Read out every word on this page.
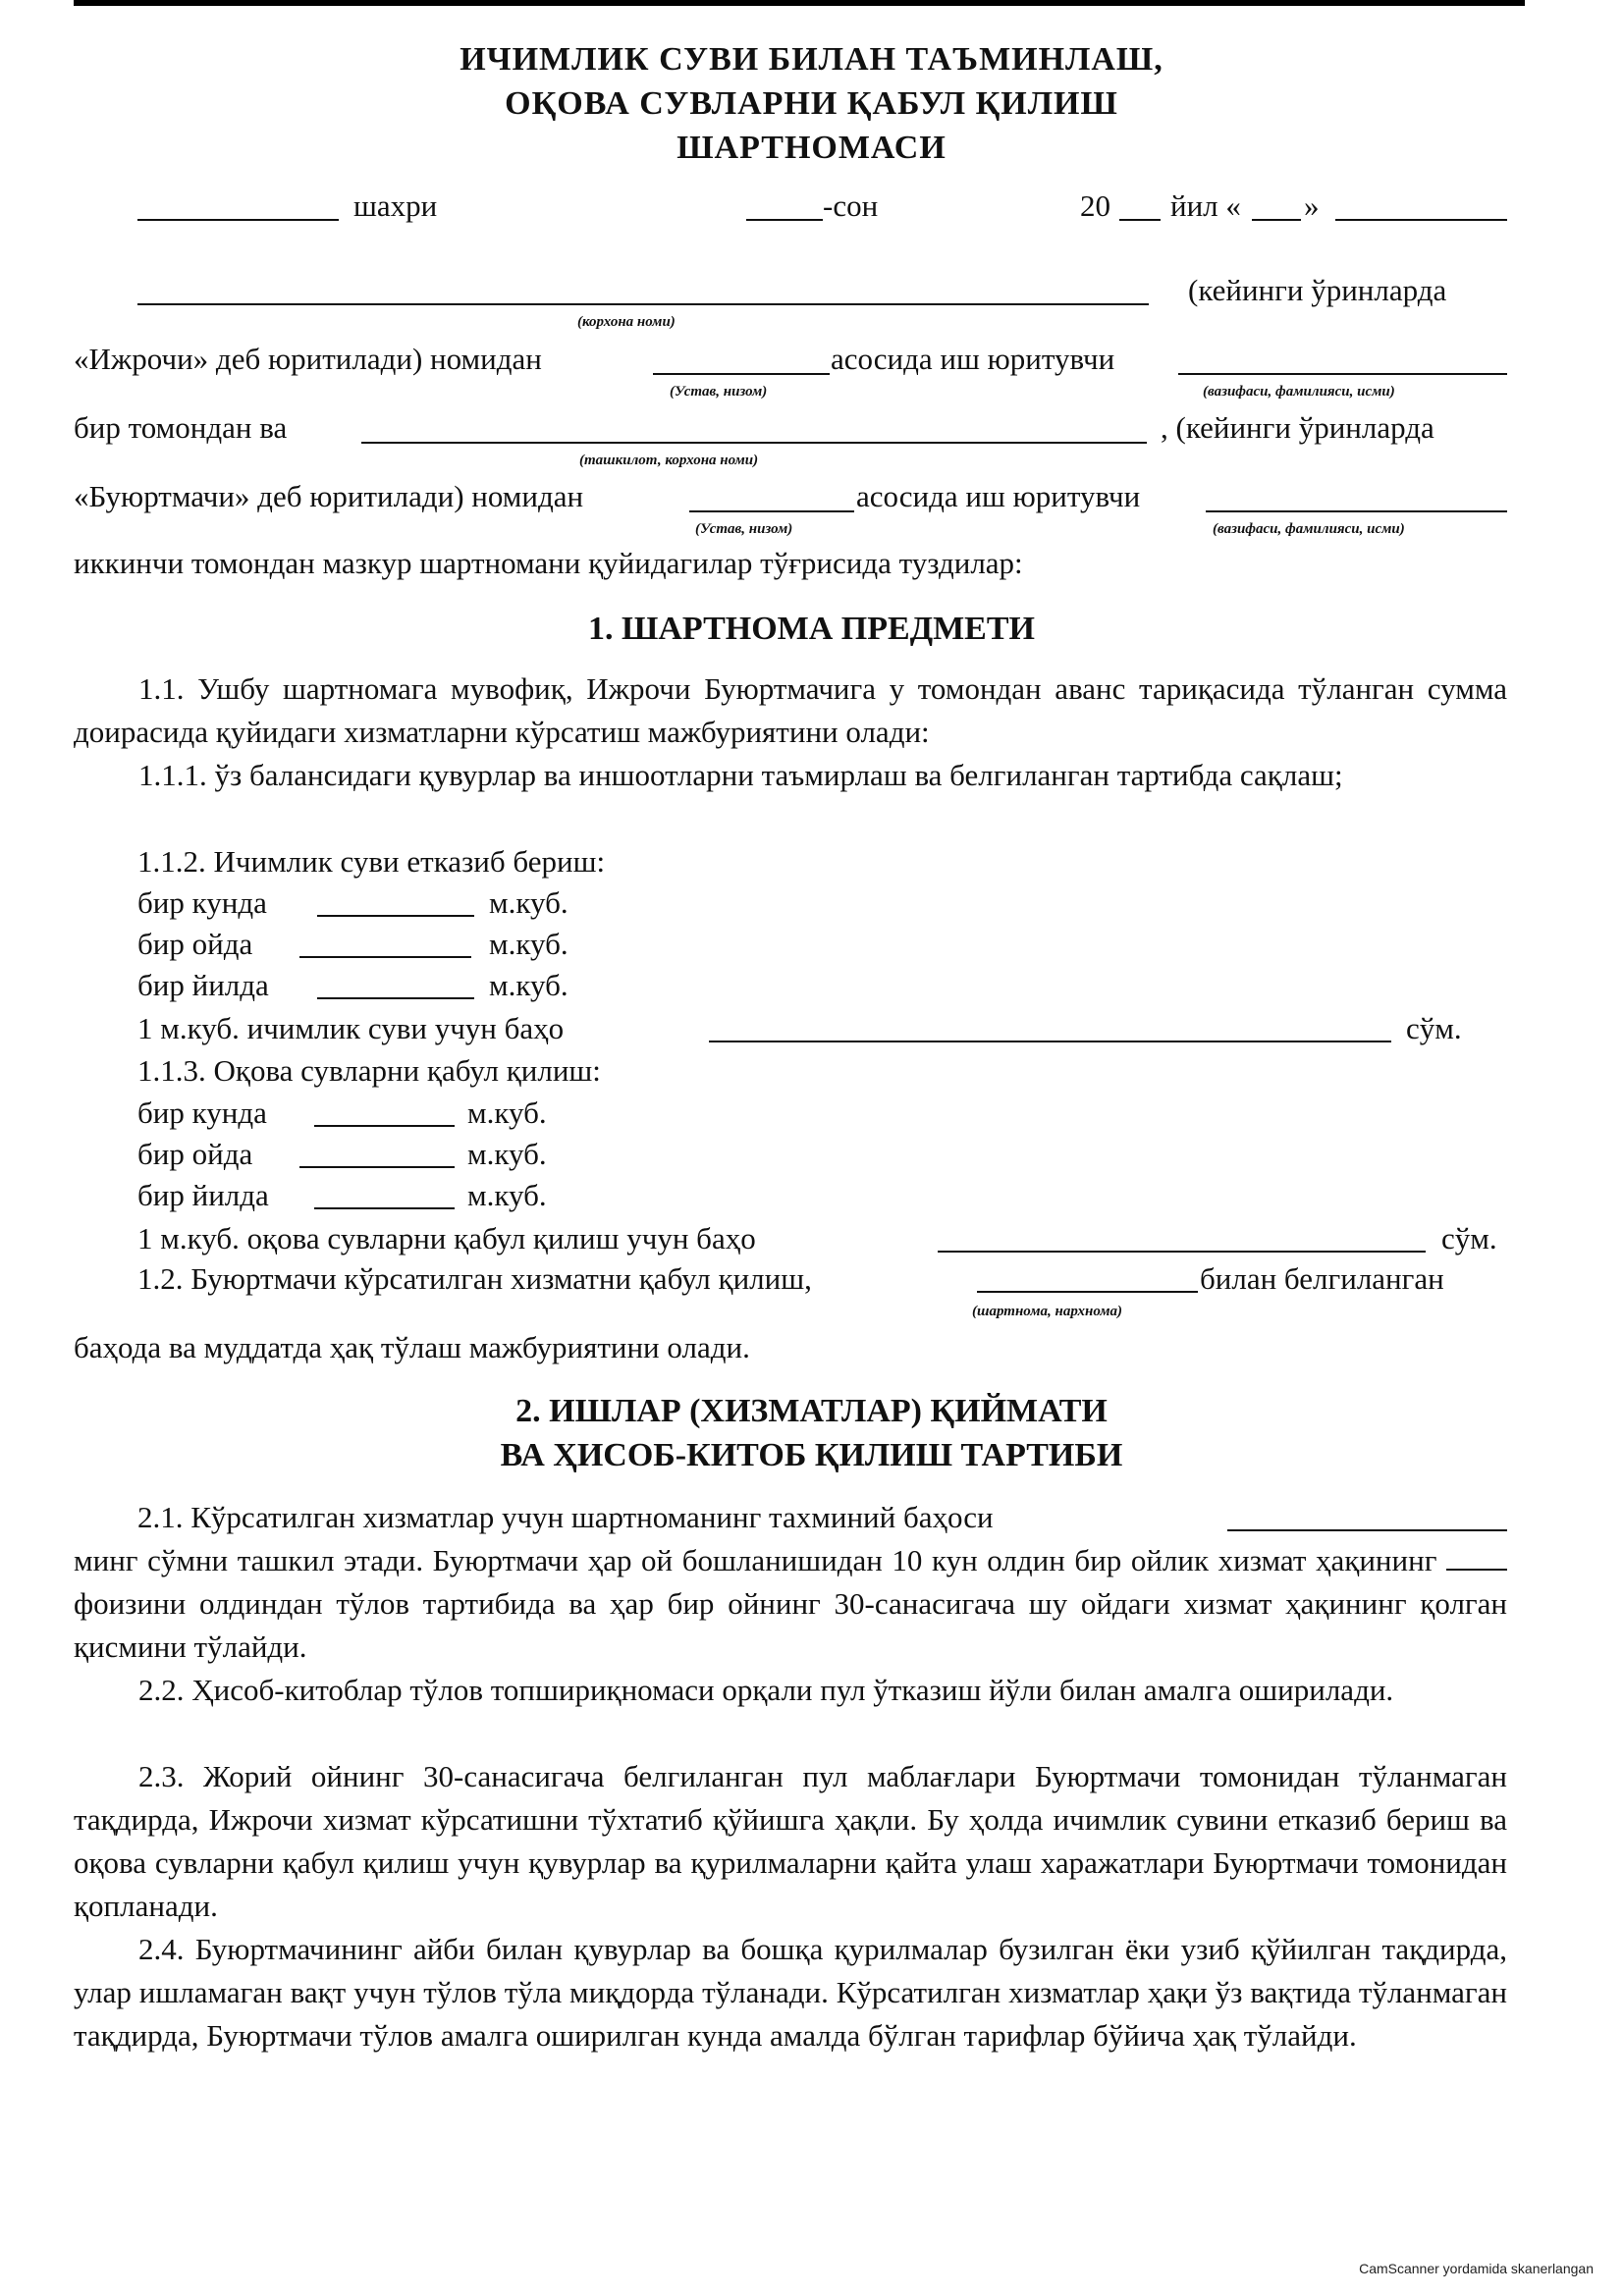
ИЧИМЛИК СУВИ БИЛАН ТАЪМИНЛАШ,
ОҚОВА СУВЛАРНИ ҚАБУЛ ҚИЛИШ
ШАРТНОМАСИ
шахри	-сон	20 йил « »
(кейинги ўринларда
(корхона номи)
«Ижрочи» деб юритилади) номидан	асосида иш юритувчи
(Устав, низом)	(вазифаси, фамилияси, исми)
бир томондан ва	, (кейинги ўринларда
(ташкилот, корхона номи)
«Буюртмачи» деб юритилади) номидан	асосида иш юритувчи
(Устав, низом)	(вазифаси, фамилияси, исми)
иккинчи томондан мазкур шартномани қуйидагилар тўғрисида туздилар:
1. ШАРТНОМА ПРЕДМЕТИ
1.1. Ушбу шартномага мувофиқ, Ижрочи Буюртмачига у томондан аванс тариқасида тўланган сумма доирасида қуйидаги хизматларни кўрсатиш мажбуриятини олади:
1.1.1. ўз балансидаги қувурлар ва иншоотларни таъмирлаш ва белгиланган тартибда сақлаш;
1.1.2. Ичимлик суви етказиб бериш:
бир кунда	м.куб.
бир ойда	м.куб.
бир йилда	м.куб.
1 м.куб. ичимлик суви учун баҳо	сўм.
1.1.3. Оқова сувларни қабул қилиш:
бир кунда	м.куб.
бир ойда	м.куб.
бир йилда	м.куб.
1 м.куб. оқова сувларни қабул қилиш учун баҳо	сўм.
1.2. Буюртмачи кўрсатилган хизматни қабул қилиш,	билан белгиланган
(шартнома, нархнома)
баҳода ва муддатда ҳақ тўлаш мажбуриятини олади.
2. ИШЛАР (ХИЗМАТЛАР) ҚИЙМАТИ
ВА ҲИСОБ-КИТОБ ҚИЛИШ ТАРТИБИ
2.1. Кўрсатилган хизматлар учун шартноманинг тахминий баҳоси
минг сўмни ташкил этади. Буюртмачи ҳар ой бошланишидан 10 кун олдин бир ойлик хизмат ҳақининг  фоизини олдиндан тўлов тартибида ва ҳар бир ойнинг 30-санасигача шу ойдаги хизмат ҳақининг қолган қисмини тўлайди.
2.2. Ҳисоб-китоблар тўлов топшириқномаси орқали пул ўтказиш йўли билан амалга оширилади.
2.3. Жорий ойнинг 30-санасигача белгиланган пул маблағлари Буюртмачи томонидан тўланмаган тақдирда, Ижрочи хизмат кўрсатишни тўхтатиб қўйишга ҳақли. Бу ҳолда ичимлик сувини етказиб бериш ва оқова сувларни қабул қилиш учун қувурлар ва қурилмаларни қайта улаш харажатлари Буюртмачи томонидан қопланади.
2.4. Буюртмачининг айби билан қувурлар ва бошқа қурилмалар бузилган ёки узиб қўйилган тақдирда, улар ишламаган вақт учун тўлов тўла миқдорда тўланади. Кўрсатилган хизматлар ҳақи ўз вақтида тўланмаган тақдирда, Буюртмачи тўлов амалга оширилган кунда амалда бўлган тарифлар бўйича ҳақ тўлайди.
CamScanner yordamida skanerlangan
